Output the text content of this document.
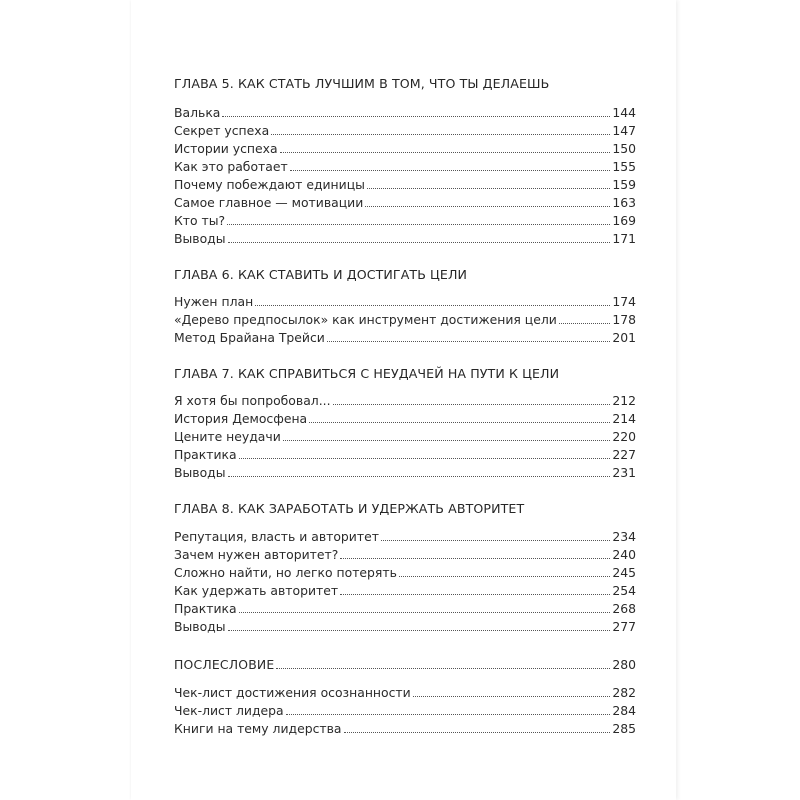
ГЛАВА 5. КАК СТАТЬ ЛУЧШИМ В ТОМ, ЧТО ТЫ ДЕЛАЕШЬ
Валька	144
Секрет успеха	147
Истории успеха	150
Как это работает	155
Почему побеждают единицы	159
Самое главное — мотивации	163
Кто ты?	169
Выводы	171
ГЛАВА 6. КАК СТАВИТЬ И ДОСТИГАТЬ ЦЕЛИ
Нужен план	174
«Дерево предпосылок» как инструмент достижения цели	178
Метод Брайана Трейси	201
ГЛАВА 7. КАК СПРАВИТЬСЯ С НЕУДАЧЕЙ НА ПУТИ К ЦЕЛИ
Я хотя бы попробовал...	212
История Демосфена	214
Цените неудачи	220
Практика	227
Выводы	231
ГЛАВА 8. КАК ЗАРАБОТАТЬ И УДЕРЖАТЬ АВТОРИТЕТ
Репутация, власть и авторитет	234
Зачем нужен авторитет?	240
Сложно найти, но легко потерять	245
Как удержать авторитет	254
Практика	268
Выводы	277
ПОСЛЕСЛОВИЕ	280
Чек-лист достижения осознанности	282
Чек-лист лидера	284
Книги на тему лидерства	285
